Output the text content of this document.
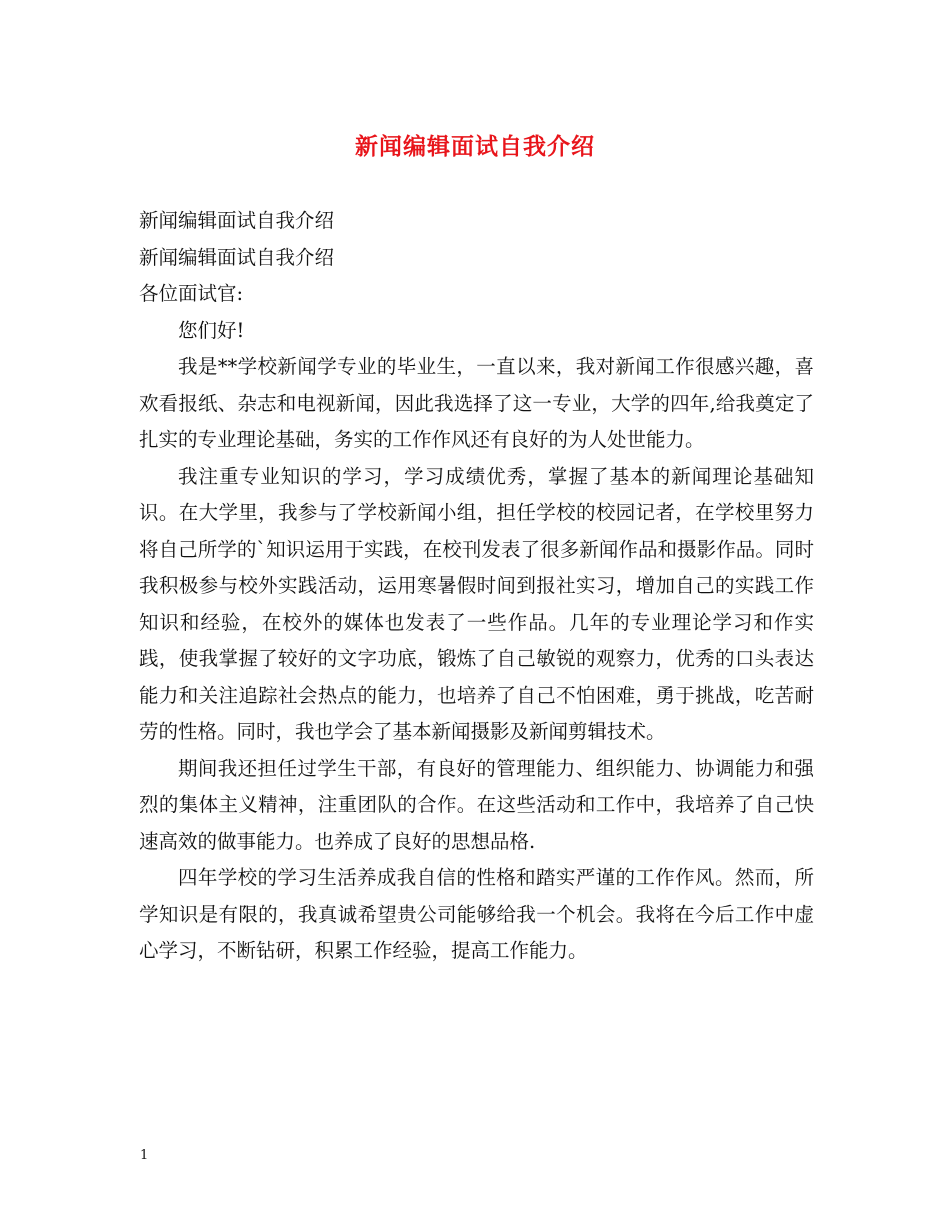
新闻编辑面试自我介绍
新闻编辑面试自我介绍
新闻编辑面试自我介绍
各位面试官:

您们好!

我是**学校新闻学专业的毕业生，一直以来，我对新闻工作很感兴趣，喜欢看报纸、杂志和电视新闻，因此我选择了这一专业，大学的四年,给我奠定了扎实的专业理论基础，务实的工作作风还有良好的为人处世能力。

我注重专业知识的学习，学习成绩优秀，掌握了基本的新闻理论基础知识。在大学里，我参与了学校新闻小组，担任学校的校园记者，在学校里努力将自己所学的`知识运用于实践，在校刊发表了很多新闻作品和摄影作品。同时我积极参与校外实践活动，运用寒暑假时间到报社实习，增加自己的实践工作知识和经验，在校外的媒体也发表了一些作品。几年的专业理论学习和作实践，使我掌握了较好的文字功底，锻炼了自己敏锐的观察力，优秀的口头表达能力和关注追踪社会热点的能力，也培养了自己不怕困难，勇于挑战，吃苦耐劳的性格。同时，我也学会了基本新闻摄影及新闻剪辑技术。

期间我还担任过学生干部，有良好的管理能力、组织能力、协调能力和强烈的集体主义精神，注重团队的合作。在这些活动和工作中，我培养了自己快速高效的做事能力。也养成了良好的思想品格.

四年学校的学习生活养成我自信的性格和踏实严谨的工作作风。然而，所学知识是有限的，我真诚希望贵公司能够给我一个机会。我将在今后工作中虚心学习，不断钻研，积累工作经验，提高工作能力。

1
